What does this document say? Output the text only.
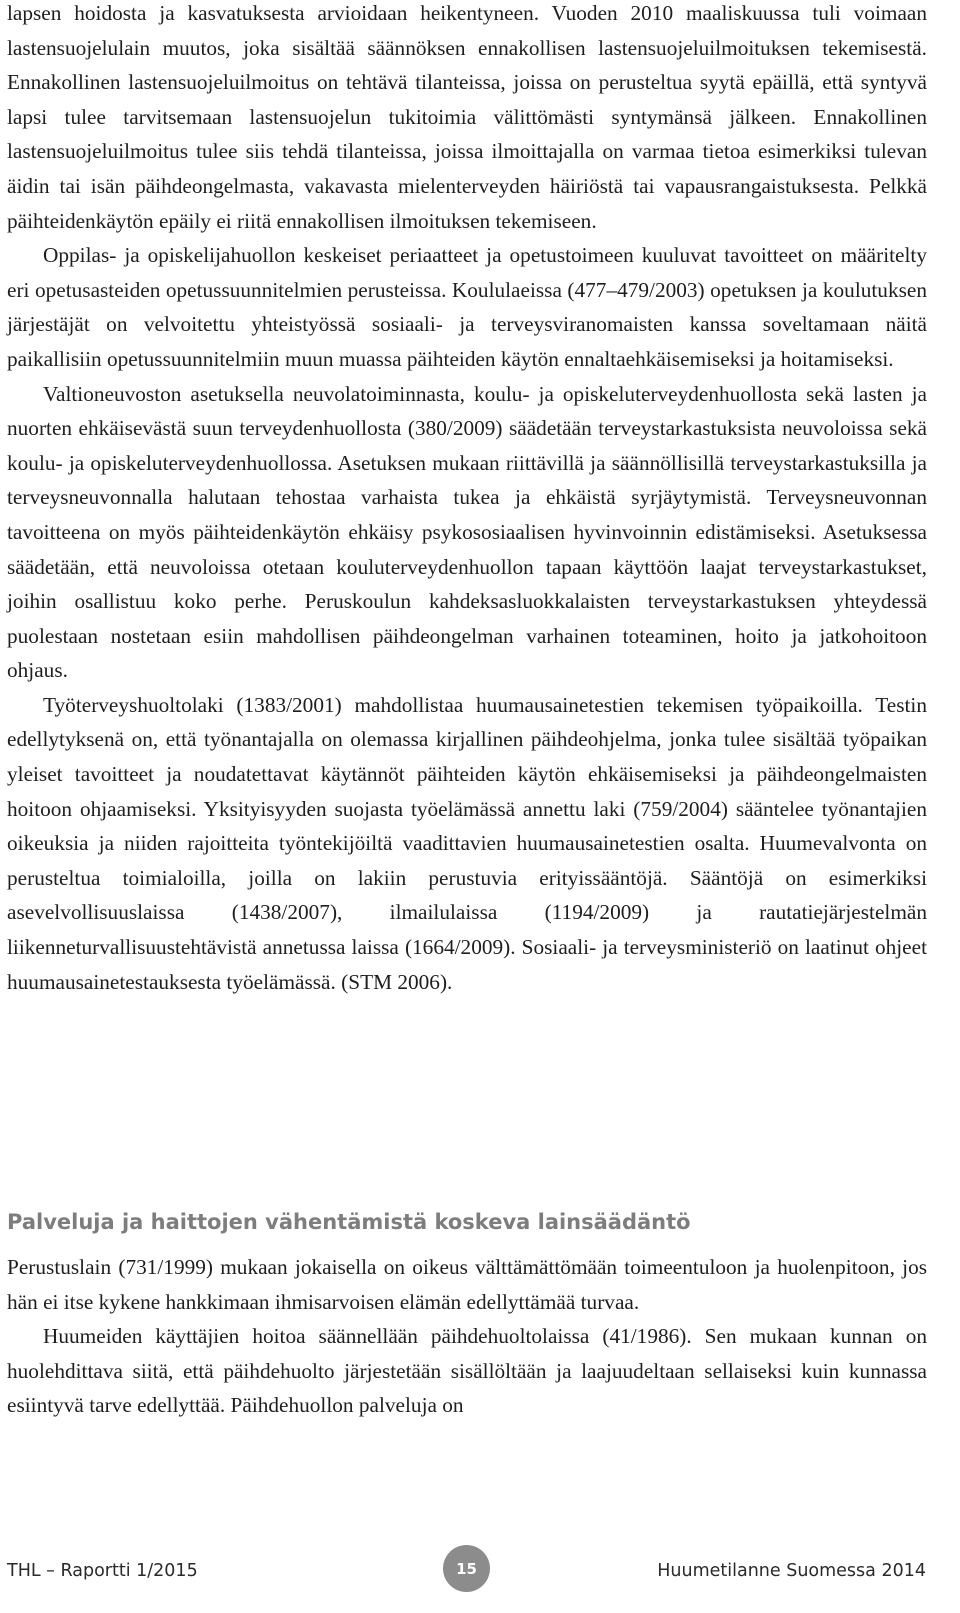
lapsen hoidosta ja kasvatuksesta arvioidaan heikentyneen. Vuoden 2010 maaliskuussa tuli voimaan lastensuojelulain muutos, joka sisältää säännöksen ennakollisen lastensuojeluilmoituksen tekemisestä. Ennakollinen lastensuojeluilmoitus on tehtävä tilanteissa, joissa on perusteltua syytä epäillä, että syntyvä lapsi tulee tarvitsemaan lastensuojelun tukitoimia välittömästi syntymänsä jälkeen. Ennakollinen lastensuojeluilmoitus tulee siis tehdä tilanteissa, joissa ilmoittajalla on varmaa tietoa esimerkiksi tulevan äidin tai isän päihdeongelmasta, vakavasta mielenterveyden häiriöstä tai vapausrangaistuksesta. Pelkkä päihteidenkäytön epäily ei riitä ennakollisen ilmoituksen tekemiseen.

Oppilas- ja opiskelijahuollon keskeiset periaatteet ja opetustoimeen kuuluvat tavoitteet on määritelty eri opetusasteiden opetussuunnitelmien perusteissa. Koululaeissa (477–479/2003) opetuksen ja koulutuksen järjestäjät on velvoitettu yhteistyössä sosiaali- ja terveysviranomaisten kanssa soveltamaan näitä paikallisiin opetussuunnitelmiin muun muassa päihteiden käytön ennaltaehkäisemiseksi ja hoitamiseksi.

Valtioneuvoston asetuksella neuvolatoiminnasta, koulu- ja opiskeluterveydenhuollosta sekä lasten ja nuorten ehkäisevästä suun terveydenhuollosta (380/2009) säädetään terveystarkastuksista neuvoloissa sekä koulu- ja opiskeluterveydenhuollossa. Asetuksen mukaan riittävillä ja säännöllisillä terveystarkastuksilla ja terveysneuvonnalla halutaan tehostaa varhaista tukea ja ehkäistä syrjäytymistä. Terveysneuvonnan tavoitteena on myös päihteidenkäytön ehkäisy psykososiaalisen hyvinvoinnin edistämiseksi. Asetuksessa säädetään, että neuvoloissa otetaan kouluterveydenhuollon tapaan käyttöön laajat terveystarkastukset, joihin osallistuu koko perhe. Peruskoulun kahdeksasluokkalaisten terveystarkastuksen yhteydessä puolestaan nostetaan esiin mahdollisen päihdeongelman varhainen toteaminen, hoito ja jatkohoitoon ohjaus.

Työterveyshuoltolaki (1383/2001) mahdollistaa huumausainetestien tekemisen työpaikoilla. Testin edellytyksenä on, että työnantajalla on olemassa kirjallinen päihdeohjelma, jonka tulee sisältää työpaikan yleiset tavoitteet ja noudatettavat käytännöt päihteiden käytön ehkäisemiseksi ja päihdeongelmaisten hoitoon ohjaamiseksi. Yksityisyyden suojasta työelämässä annettu laki (759/2004) sääntelee työnantajien oikeuksia ja niiden rajoitteita työntekijöiltä vaadittavien huumausainetestien osalta. Huumevalvonta on perusteltua toimialoilla, joilla on lakiin perustuvia erityissääntöjä. Sääntöjä on esimerkiksi asevelvollisuuslaissa (1438/2007), ilmailulaissa (1194/2009) ja rautatiejärjestelmän liikenneturvallisuustehtävistä annetussa laissa (1664/2009). Sosiaali- ja terveysministeriö on laatinut ohjeet huumausainetestauksesta työelämässä. (STM 2006).

Palveluja ja haittojen vähentämistä koskeva lainsäädäntö

Perustuslain (731/1999) mukaan jokaisella on oikeus välttämättömään toimeentuloon ja huolenpitoon, jos hän ei itse kykene hankkimaan ihmisarvoisen elämän edellyttämää turvaa.

Huumeiden käyttäjien hoitoa säännellään päihdehuoltolaissa (41/1986). Sen mukaan kunnan on huolehdittava siitä, että päihdehuolto järjestetään sisällöltään ja laajuudeltaan sellaiseksi kuin kunnassa esiintyvä tarve edellyttää. Päihdehuollon palveluja on

THL – Raportti 1/2015	15	Huumetilanne Suomessa 2014
